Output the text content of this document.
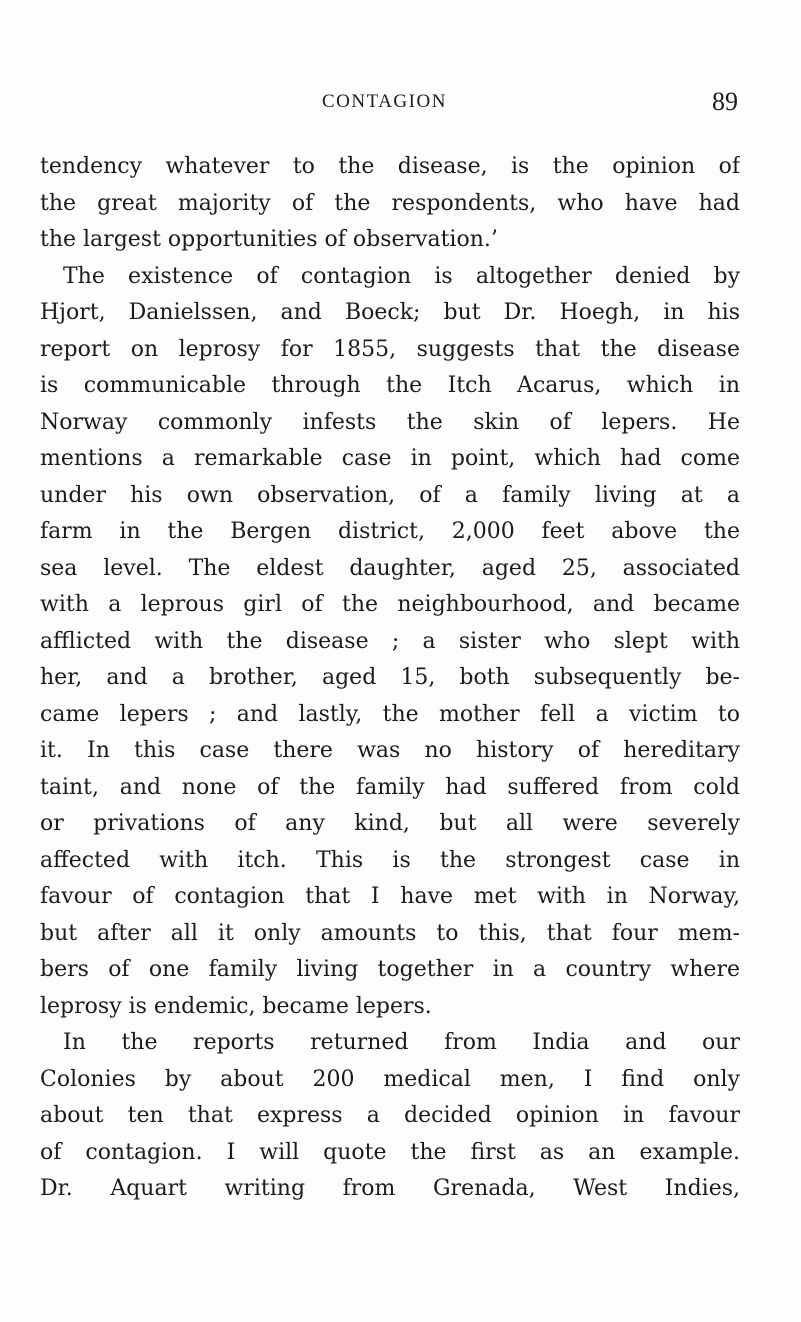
CONTAGION	89
tendency whatever to the disease, is the opinion of
the great majority of the respondents, who have had
the largest opportunities of observation.’
The existence of contagion is altogether denied by
Hjort, Danielssen, and Boeck; but Dr. Hoegh, in his
report on leprosy for 1855, suggests that the disease
is communicable through the Itch Acarus, which in
Norway commonly infests the skin of lepers. He
mentions a remarkable case in point, which had come
under his own observation, of a family living at a
farm in the Bergen district, 2,000 feet above the
sea level. The eldest daughter, aged 25, associated
with a leprous girl of the neighbourhood, and became
afflicted with the disease ; a sister who slept with
her, and a brother, aged 15, both subsequently be-
came lepers ; and lastly, the mother fell a victim to
it. In this case there was no history of hereditary
taint, and none of the family had suffered from cold
or privations of any kind, but all were severely
affected with itch. This is the strongest case in
favour of contagion that I have met with in Norway,
but after all it only amounts to this, that four mem-
bers of one family living together in a country where
leprosy is endemic, became lepers.
In the reports returned from India and our
Colonies by about 200 medical men, I find only
about ten that express a decided opinion in favour
of contagion. I will quote the first as an example.
Dr. Aquart writing from Grenada, West Indies,
